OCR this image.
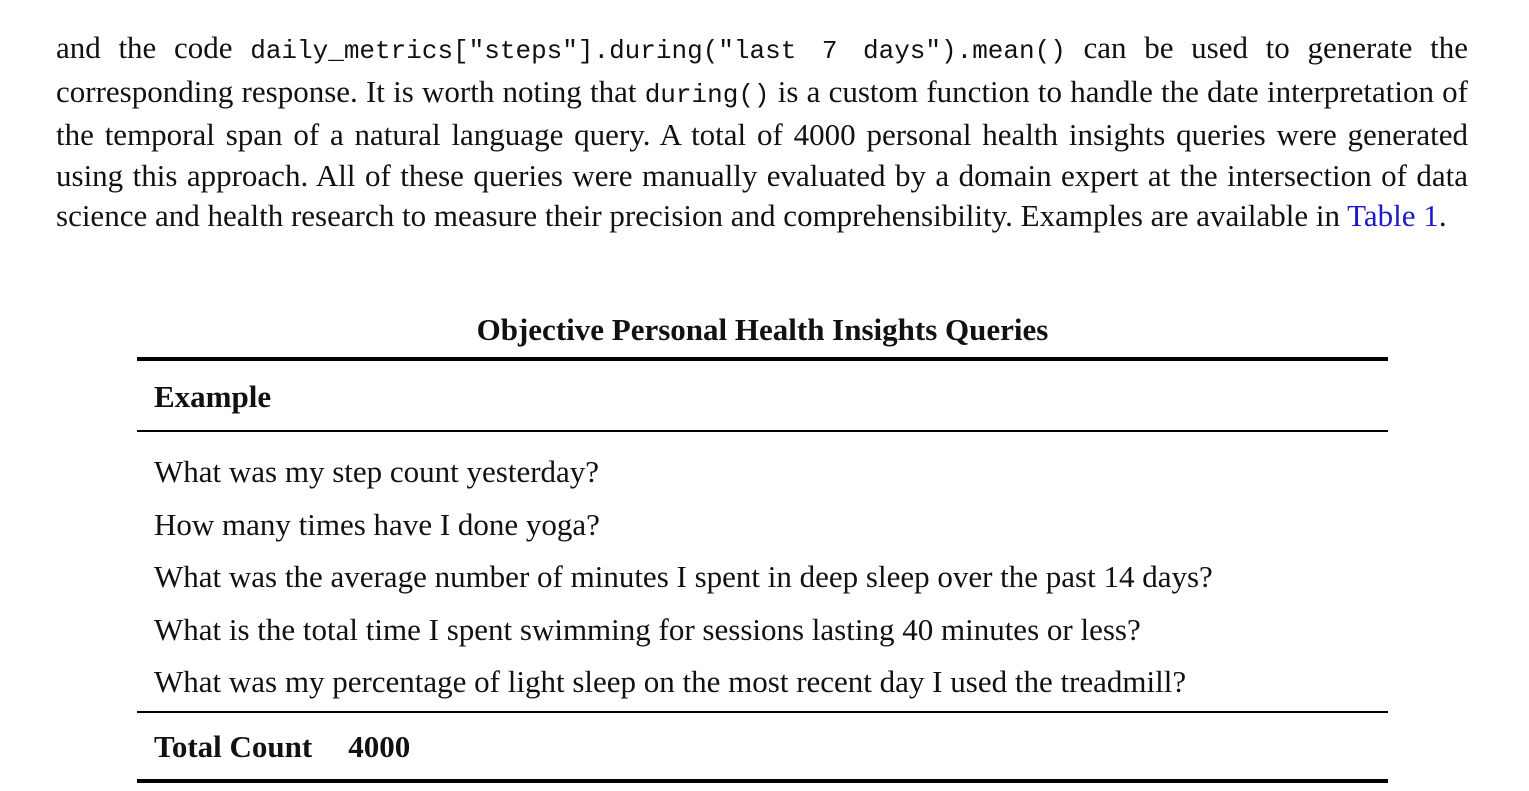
and the code daily_metrics["steps"].during("last 7 days").mean() can be used to generate the corresponding response. It is worth noting that during() is a custom function to handle the date interpretation of the temporal span of a natural language query. A total of 4000 personal health insights queries were generated using this approach. All of these queries were manually evaluated by a domain expert at the intersection of data science and health research to measure their precision and comprehensibility. Examples are available in Table 1.
Objective Personal Health Insights Queries
Example
What was my step count yesterday?
How many times have I done yoga?
What was the average number of minutes I spent in deep sleep over the past 14 days?
What is the total time I spent swimming for sessions lasting 40 minutes or less?
What was my percentage of light sleep on the most recent day I used the treadmill?
Total Count 4000
